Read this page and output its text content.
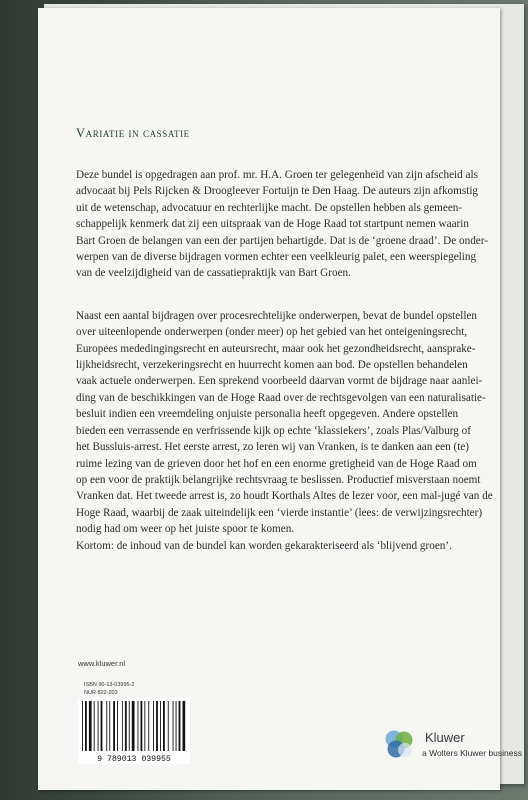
Variatie in cassatie

Deze bundel is opgedragen aan prof. mr. H.A. Groen ter gelegenheid van zijn afscheid als
advocaat bij Pels Rijcken & Droogleever Fortuijn te Den Haag. De auteurs zijn afkomstig
uit de wetenschap, advocatuur en rechterlijke macht. De opstellen hebben als gemeen-
schappelijk kenmerk dat zij een uitspraak van de Hoge Raad tot startpunt nemen waarin
Bart Groen de belangen van een der partijen behartigde. Dat is de ‘groene draad’. De onder-
werpen van de diverse bijdragen vormen echter een veelkleurig palet, een weerspiegeling
van de veelzijdigheid van de cassatiepraktijk van Bart Groen.

Naast een aantal bijdragen over procesrechtelijke onderwerpen, bevat de bundel opstellen
over uiteenlopende onderwerpen (onder meer) op het gebied van het onteigeningsrecht,
Europees mededingingsrecht en auteursrecht, maar ook het gezondheidsrecht, aansprake-
lijkheidsrecht, verzekeringsrecht en huurrecht komen aan bod. De opstellen behandelen
vaak actuele onderwerpen. Een sprekend voorbeeld daarvan vormt de bijdrage naar aanlei-
ding van de beschikkingen van de Hoge Raad over de rechtsgevolgen van een naturalisatie-
besluit indien een vreemdeling onjuiste personalia heeft opgegeven. Andere opstellen
bieden een verrassende en verfrissende kijk op echte ‘klassiekers’, zoals Plas/Valburg of
het Bussluis-arrest. Het eerste arrest, zo leren wij van Vranken, is te danken aan een (te)
ruime lezing van de grieven door het hof en een enorme gretigheid van de Hoge Raad om
op een voor de praktijk belangrijke rechtsvraag te beslissen. Productief misverstaan noemt
Vranken dat. Het tweede arrest is, zo houdt Korthals Altes de lezer voor, een mal-jugé van de
Hoge Raad, waarbij de zaak uiteindelijk een ‘vierde instantie’ (lees: de verwijzingsrechter)
nodig had om weer op het juiste spoor te komen.
Kortom: de inhoud van de bundel kan worden gekarakteriseerd als ‘blijvend groen’.

www.kluwer.nl
ISBN 90-13-03995-2
NUR 822-203
9 789013 039955
Kluwer
a Wolters Kluwer business
